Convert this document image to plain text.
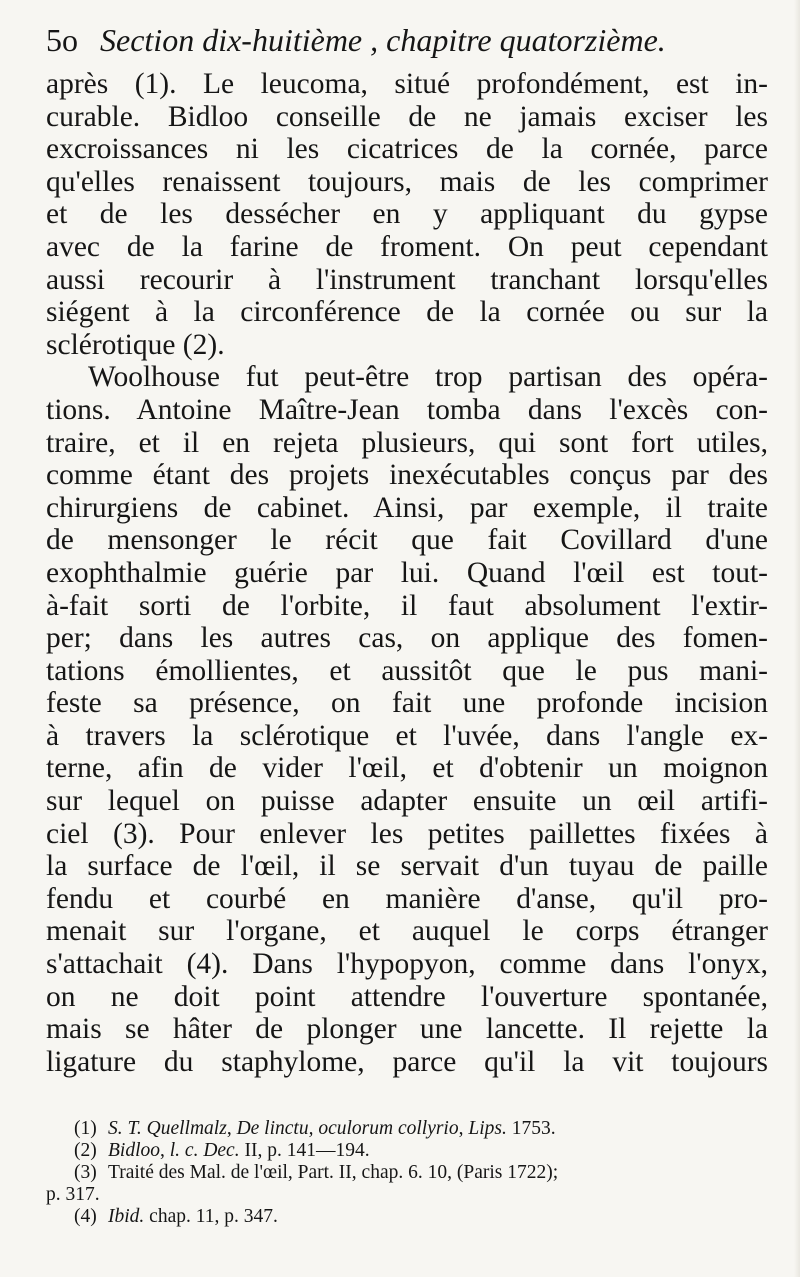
5o Section dix-huitième , chapitre quatorzième.
après (1). Le leucoma, situé profondément, est in-
curable. Bidloo conseille de ne jamais exciser les
excroissances ni les cicatrices de la cornée, parce
qu'elles renaissent toujours, mais de les comprimer
et de les dessécher en y appliquant du gypse
avec de la farine de froment. On peut cependant
aussi recourir à l'instrument tranchant lorsqu'elles
siégent à la circonférence de la cornée ou sur la
sclérotique (2).
Woolhouse fut peut-être trop partisan des opéra-
tions. Antoine Maître-Jean tomba dans l'excès con-
traire, et il en rejeta plusieurs, qui sont fort utiles,
comme étant des projets inexécutables conçus par des
chirurgiens de cabinet. Ainsi, par exemple, il traite
de mensonger le récit que fait Covillard d'une
exophthalmie guérie par lui. Quand l'œil est tout-
à-fait sorti de l'orbite, il faut absolument l'extir-
per; dans les autres cas, on applique des fomen-
tations émollientes, et aussitôt que le pus mani-
feste sa présence, on fait une profonde incision
à travers la sclérotique et l'uvée, dans l'angle ex-
terne, afin de vider l'œil, et d'obtenir un moignon
sur lequel on puisse adapter ensuite un œil artifi-
ciel (3). Pour enlever les petites paillettes fixées à
la surface de l'œil, il se servait d'un tuyau de paille
fendu et courbé en manière d'anse, qu'il pro-
menait sur l'organe, et auquel le corps étranger
s'attachait (4). Dans l'hypopyon, comme dans l'onyx,
on ne doit point attendre l'ouverture spontanée,
mais se hâter de plonger une lancette. Il rejette la
ligature du staphylome, parce qu'il la vit toujours
(1) S. T. Quellmalz, De linctu, oculorum collyrio, Lips. 1753.
(2) Bidloo, l. c. Dec. II, p. 141—194.
(3) Traité des Mal. de l'œil, Part. II, chap. 6. 10, (Paris 1722);
p. 317.
(4) Ibid. chap. 11, p. 347.
